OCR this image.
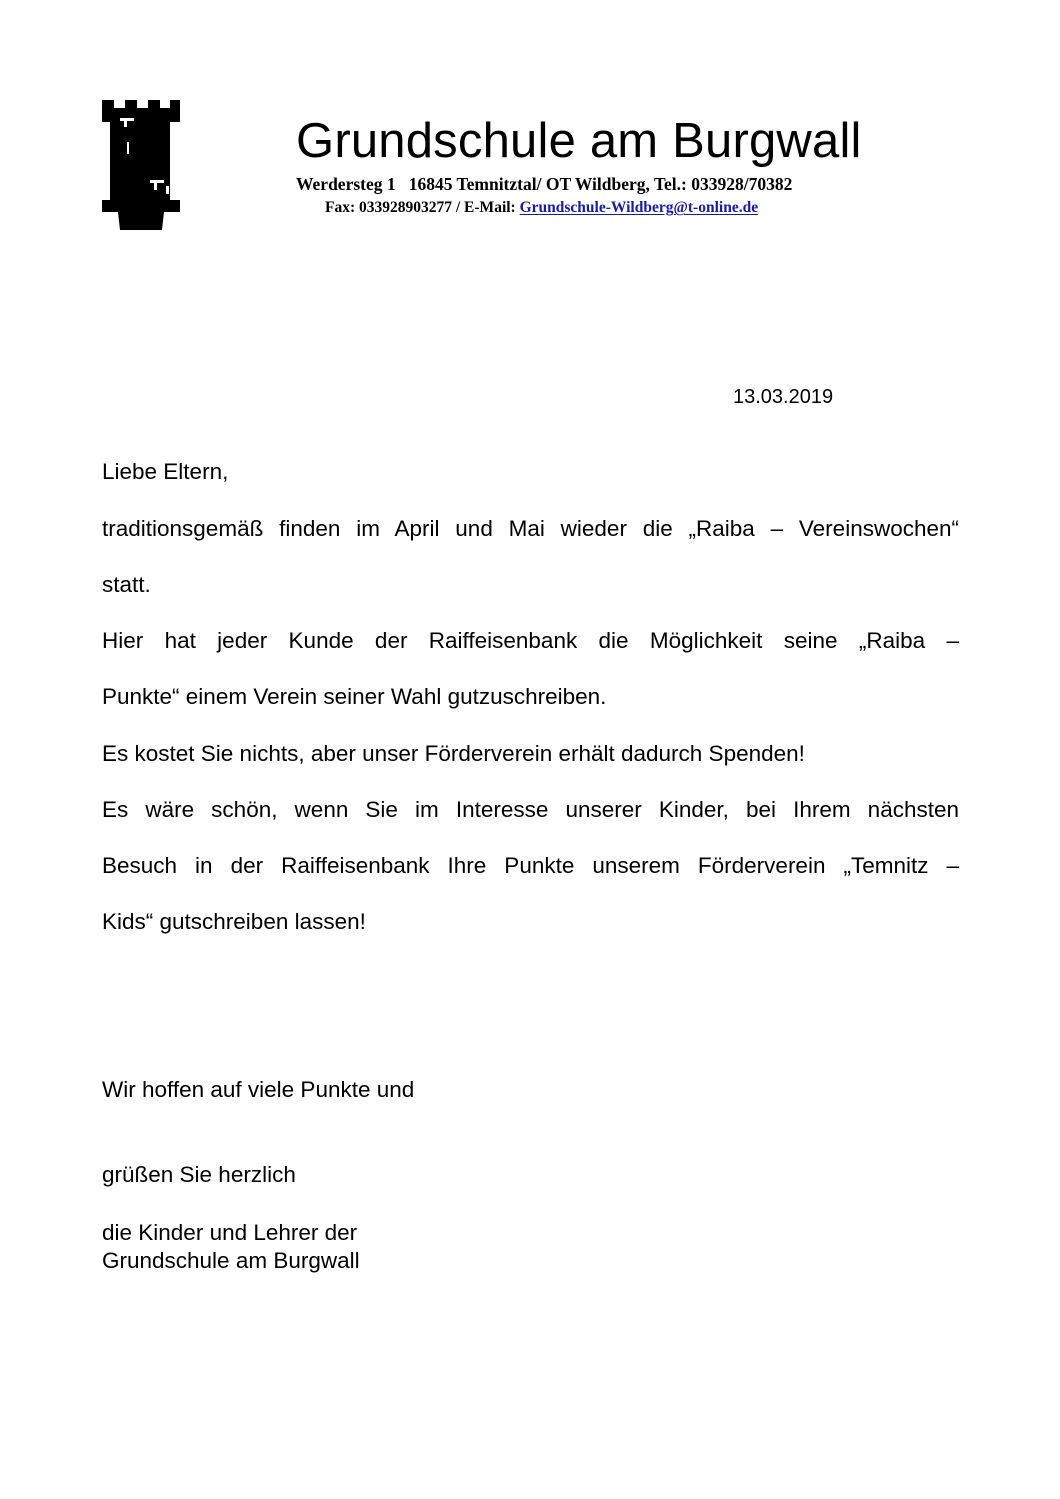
Grundschule am Burgwall
Werdersteg 1   16845 Temnitztal/ OT Wildberg, Tel.: 033928/70382
Fax: 033928903277 / E-Mail: Grundschule-Wildberg@t-online.de
13.03.2019
Liebe Eltern,
traditionsgemäß finden im April und Mai wieder die „Raiba – Vereinswochen“
statt.
Hier hat jeder Kunde der Raiffeisenbank die Möglichkeit seine „Raiba –
Punkte“ einem Verein seiner Wahl gutzuschreiben.
Es kostet Sie nichts, aber unser Förderverein erhält dadurch Spenden!
Es wäre schön, wenn Sie im Interesse unserer Kinder, bei Ihrem nächsten
Besuch in der Raiffeisenbank Ihre Punkte unserem Förderverein „Temnitz –
Kids“ gutschreiben lassen!
Wir hoffen auf viele Punkte und
grüßen Sie herzlich
die Kinder und Lehrer der
Grundschule am Burgwall
